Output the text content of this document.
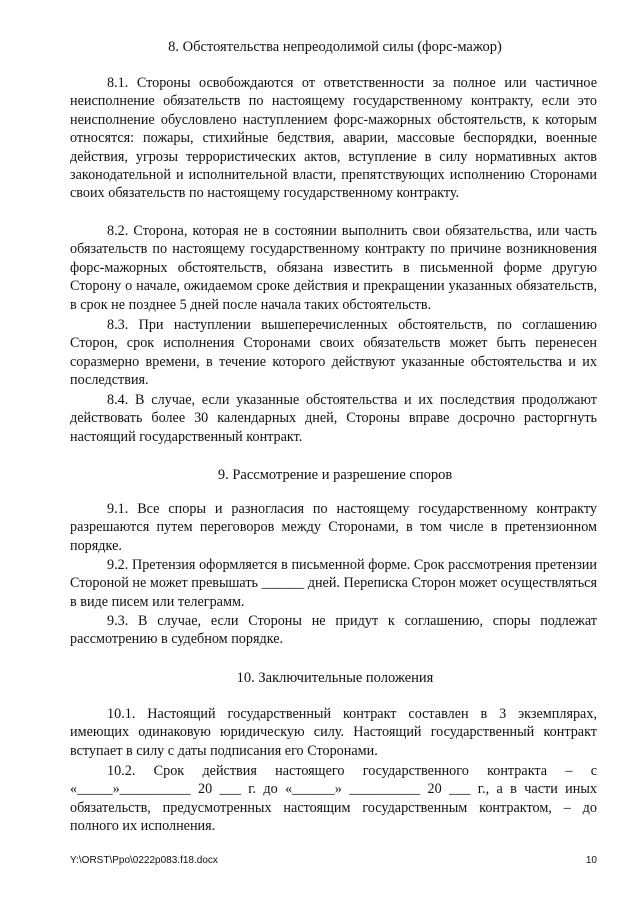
8. Обстоятельства непреодолимой силы (форс-мажор)

8.1. Стороны освобождаются от ответственности за полное или частичное неисполнение обязательств по настоящему государственному контракту, если это неисполнение обусловлено наступлением форс-мажорных обстоятельств, к которым относятся: пожары, стихийные бедствия, аварии, массовые беспорядки, военные действия, угрозы террористических актов, вступление в силу нормативных актов законодательной и исполнительной власти, препятствующих исполнению Сторонами своих обязательств по настоящему государственному контракту.

8.2. Сторона, которая не в состоянии выполнить свои обязательства, или часть обязательств по настоящему государственному контракту по причине возникновения форс-мажорных обстоятельств, обязана известить в письменной форме другую Сторону о начале, ожидаемом сроке действия и прекращении указанных обязательств, в срок не позднее 5 дней после начала таких обстоятельств.

8.3. При наступлении вышеперечисленных обстоятельств, по соглашению Сторон, срок исполнения Сторонами своих обязательств может быть перенесен соразмерно времени, в течение которого действуют указанные обстоятельства и их последствия.

8.4. В случае, если указанные обстоятельства и их последствия продолжают действовать более 30 календарных дней, Стороны вправе досрочно расторгнуть настоящий государственный контракт.

9. Рассмотрение и разрешение споров

9.1. Все споры и разногласия по настоящему государственному контракту разрешаются путем переговоров между Сторонами, в том числе в претензионном порядке.

9.2. Претензия оформляется в письменной форме. Срок рассмотрения претензии Стороной не может превышать ______ дней. Переписка Сторон может осуществляться в виде писем или телеграмм.

9.3. В случае, если Стороны не придут к соглашению, споры подлежат рассмотрению в судебном порядке.

10. Заключительные положения

10.1. Настоящий государственный контракт составлен в 3 экземплярах, имеющих одинаковую юридическую силу. Настоящий государственный контракт вступает в силу с даты подписания его Сторонами.

10.2. Срок действия настоящего государственного контракта – с «_____»__________ 20 ___ г. до «______» __________ 20 ___ г., а в части иных обязательств, предусмотренных настоящим государственным контрактом, – до полного их исполнения.

Y:\ORST\Ppo\0222p083.f18.docx	10
